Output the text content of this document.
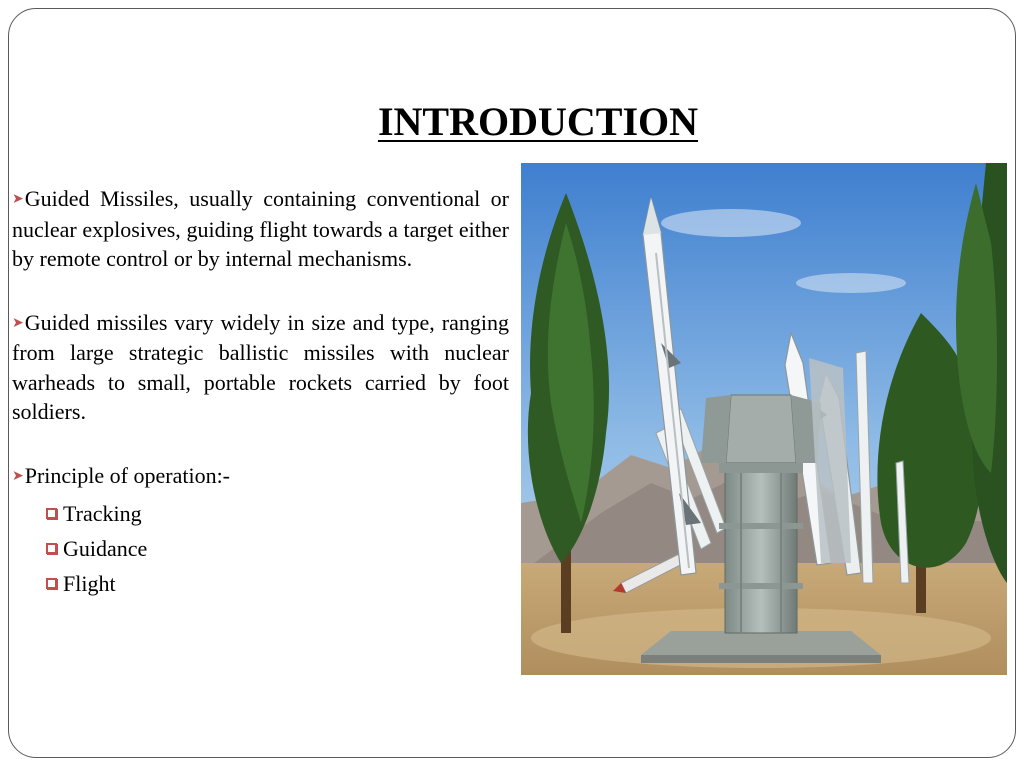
INTRODUCTION

➤Guided Missiles, usually containing conventional or nuclear explosives, guiding flight towards a target either by remote control or by internal mechanisms.

➤Guided missiles vary widely in size and type, ranging from large strategic ballistic missiles with nuclear warheads to small, portable rockets carried by foot soldiers.

➤Principle of operation:-

Tracking
Guidance
Flight
